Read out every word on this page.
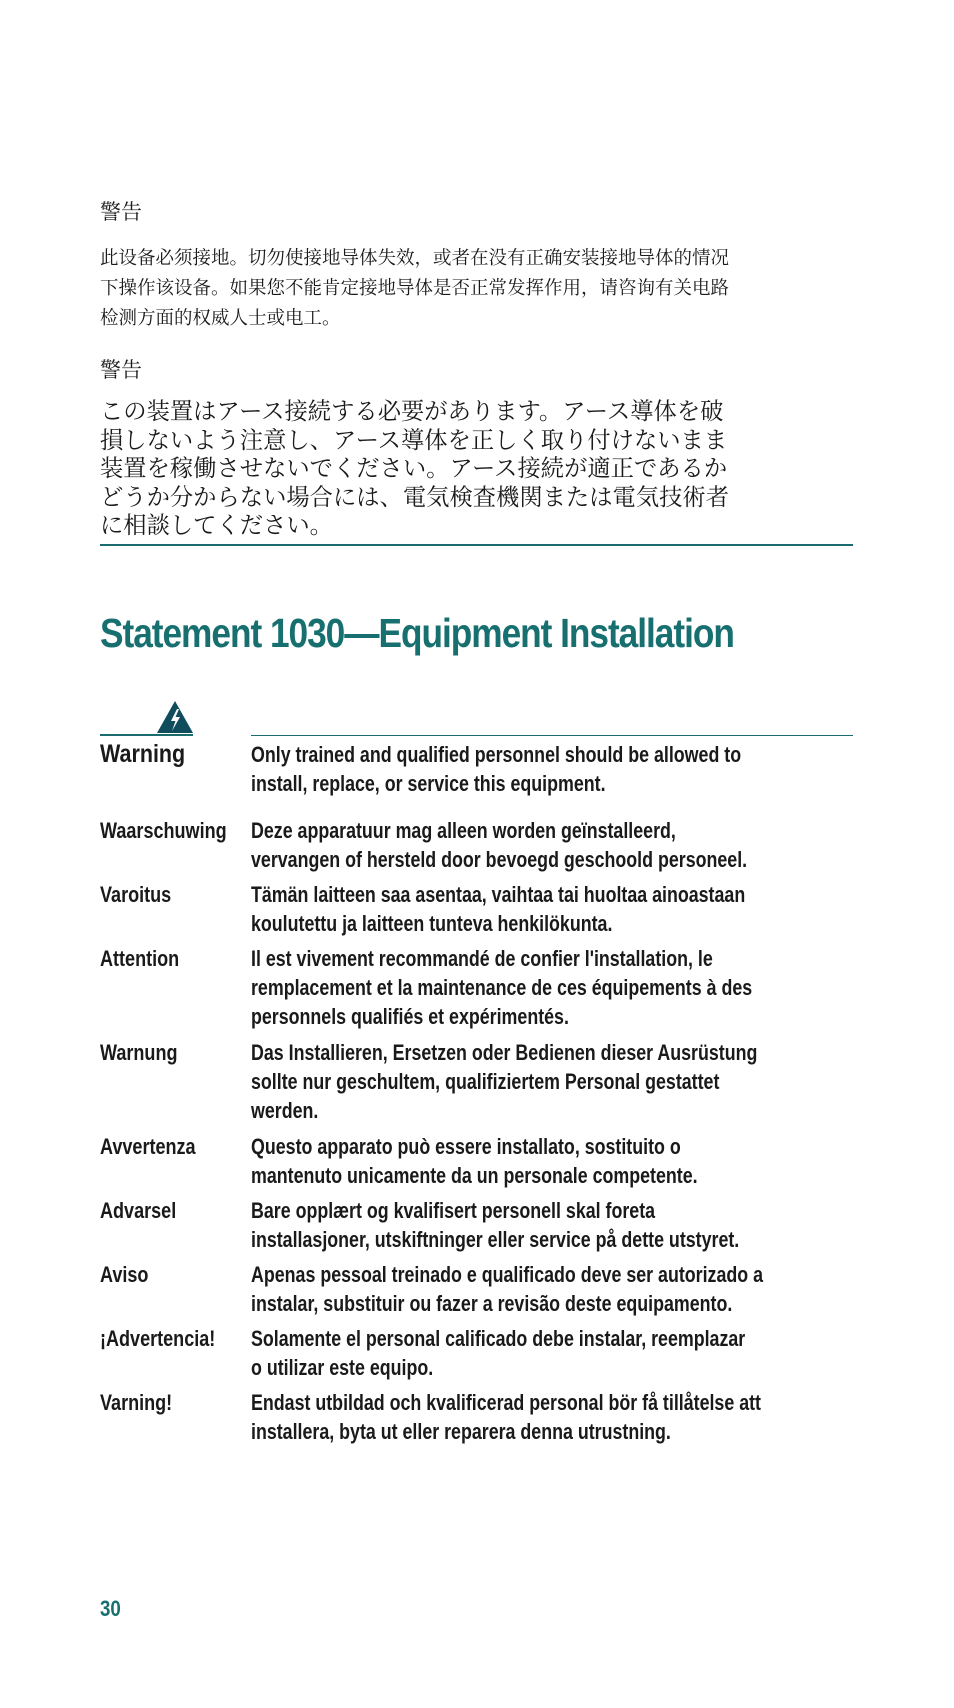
警告

此设备必须接地。切勿使接地导体失效，或者在没有正确安装接地导体的情况
下操作该设备。如果您不能肯定接地导体是否正常发挥作用，请咨询有关电路
检测方面的权威人士或电工。

警告

この装置はアース接続する必要があります。アース導体を破
損しないよう注意し、アース導体を正しく取り付けないまま
装置を稼働させないでください。アース接続が適正であるか
どうか分からない場合には、電気検査機関または電気技術者
に相談してください。
Statement 1030—Equipment Installation
Warning	Only trained and qualified personnel should be allowed to
install, replace, or service this equipment.
Waarschuwing Deze apparatuur mag alleen worden geïnstalleerd,
vervangen of hersteld door bevoegd geschoold personeel.
Varoitus	Tämän laitteen saa asentaa, vaihtaa tai huoltaa ainoastaan
koulutettu ja laitteen tunteva henkilökunta.
Attention	Il est vivement recommandé de confier l'installation, le
remplacement et la maintenance de ces équipements à des
personnels qualifiés et expérimentés.
Warnung	Das Installieren, Ersetzen oder Bedienen dieser Ausrüstung
sollte nur geschultem, qualifiziertem Personal gestattet
werden.
Avvertenza	Questo apparato può essere installato, sostituito o
mantenuto unicamente da un personale competente.
Advarsel	Bare opplært og kvalifisert personell skal foreta
installasjoner, utskiftninger eller service på dette utstyret.
Aviso	Apenas pessoal treinado e qualificado deve ser autorizado a
instalar, substituir ou fazer a revisão deste equipamento.
¡Advertencia! Solamente el personal calificado debe instalar, reemplazar
o utilizar este equipo.
Varning!	Endast utbildad och kvalificerad personal bör få tillåtelse att
installera, byta ut eller reparera denna utrustning.

30
